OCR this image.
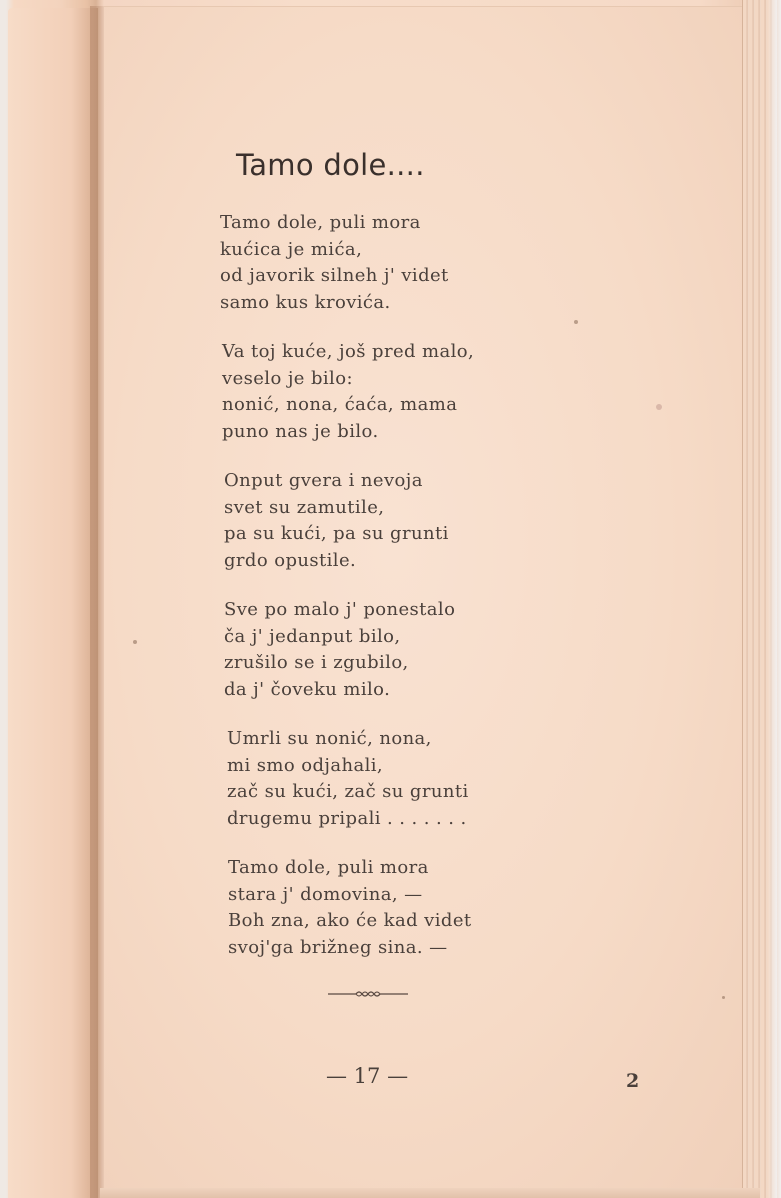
Tamo dole....
Tamo dole, puli mora
kućica je mića,
od javorik silneh j' videt
samo kus krovića.
Va toj kuće, još pred malo,
veselo je bilo:
nonić, nona, ćaća, mama
puno nas je bilo.
Onput gvera i nevoja
svet su zamutile,
pa su kući, pa su grunti
grdo opustile.
Sve po malo j' ponestalo
ča j' jedanput bilo,
zrušilo se i zgubilo,
da j' čoveku milo.
Umrli su nonić, nona,
mi smo odjahali,
zač su kući, zač su grunti
drugemu pripali . . . . . . .
Tamo dole, puli mora
stara j' domovina, —
Boh zna, ako će kad videt
svoj'ga brižneg sina. —
— 17 —	2
